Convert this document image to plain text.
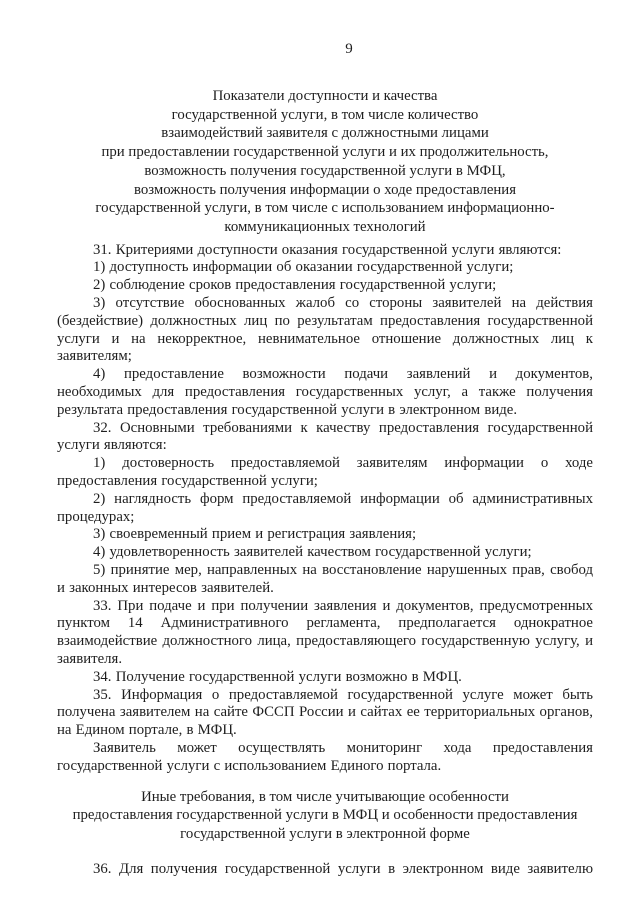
9
Показатели доступности и качества
государственной услуги, в том числе количество
взаимодействий заявителя с должностными лицами
при предоставлении государственной услуги и их продолжительность,
возможность получения государственной услуги в МФЦ,
возможность получения информации о ходе предоставления
государственной услуги, в том числе с использованием информационно-
коммуникационных технологий

31. Критериями доступности оказания государственной услуги являются:

1) доступность информации об оказании государственной услуги;

2) соблюдение сроков предоставления государственной услуги;

3) отсутствие обоснованных жалоб со стороны заявителей на действия (бездействие) должностных лиц по результатам предоставления государственной услуги и на некорректное, невнимательное отношение должностных лиц к заявителям;

4) предоставление возможности подачи заявлений и документов, необходимых для предоставления государственных услуг, а также получения результата предоставления государственной услуги в электронном виде.

32. Основными требованиями к качеству предоставления государственной услуги являются:

1) достоверность предоставляемой заявителям информации о ходе предоставления государственной услуги;

2) наглядность форм предоставляемой информации об административных процедурах;

3) своевременный прием и регистрация заявления;

4) удовлетворенность заявителей качеством государственной услуги;

5) принятие мер, направленных на восстановление нарушенных прав, свобод и законных интересов заявителей.

33. При подаче и при получении заявления и документов, предусмотренных пунктом 14 Административного регламента, предполагается однократное взаимодействие должностного лица, предоставляющего государственную услугу, и заявителя.

34. Получение государственной услуги возможно в МФЦ.

35. Информация о предоставляемой государственной услуге может быть получена заявителем на сайте ФССП России и сайтах ее территориальных органов, на Едином портале, в МФЦ.

Заявитель может осуществлять мониторинг хода предоставления государственной услуги с использованием Единого портала.

Иные требования, в том числе учитывающие особенности
предоставления государственной услуги в МФЦ и особенности предоставления
государственной услуги в электронной форме

36. Для получения государственной услуги в электронном виде заявителю
